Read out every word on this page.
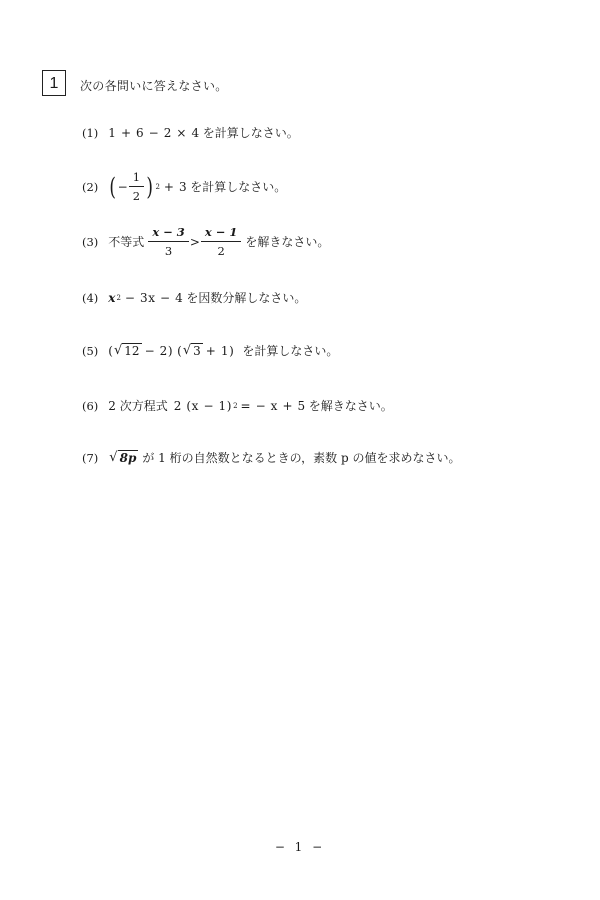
1	次の各問いに答えなさい。
(1) 1 + 6 − 2 × 4 を計算しなさい。
(2) ( − $\frac{1}{2}$ ) 2 + 3 を計算しなさい。
(3) 不等式 $\frac{x - 3}{3} > \frac{x - 1}{2}$ を解きなさい。
(4) x 2 − 3x − 4 を因数分解しなさい。
(5) ( √ 12 − 2) ( √ 3 + 1) を計算しなさい。
(6) 2 次方程式 2 (x − 1) 2 = − x + 5 を解きなさい。
(7) √ 8p が 1 桁の自然数となるときの，素数 p の値を求めなさい。
− 1 −
